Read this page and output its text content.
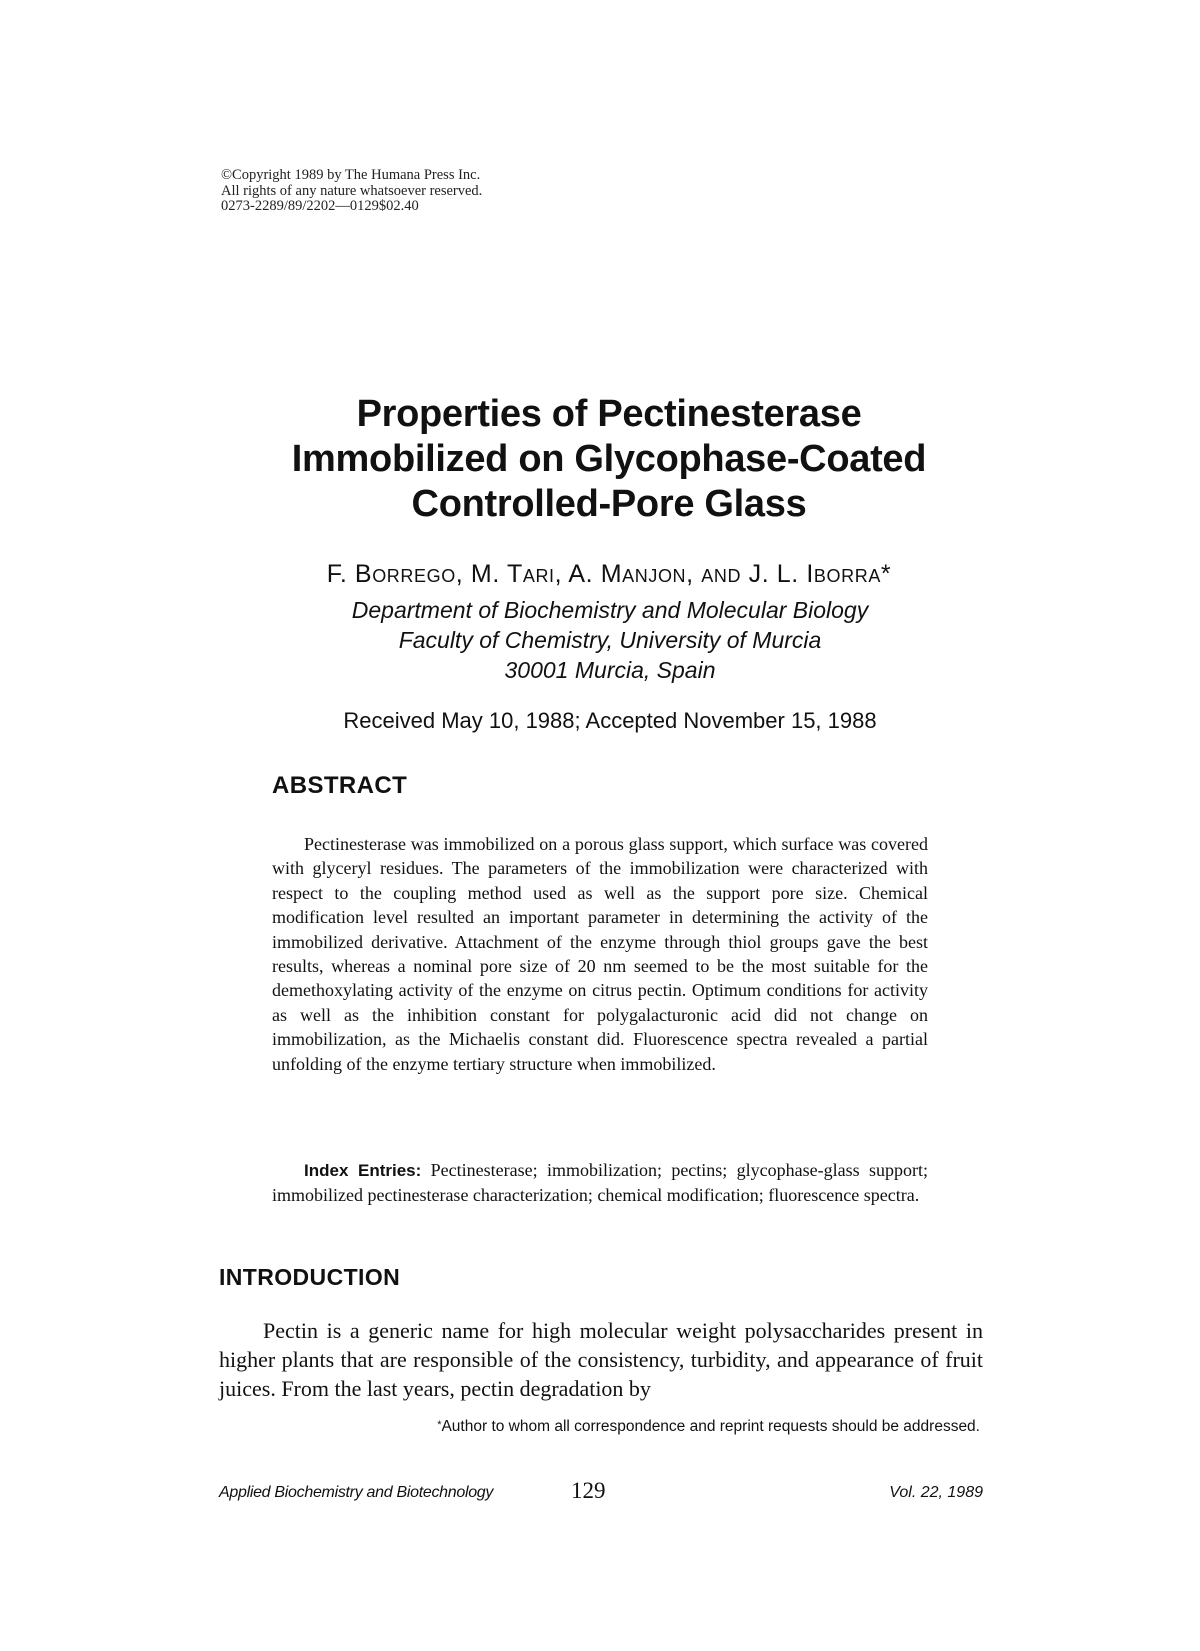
©Copyright 1989 by The Humana Press Inc.
All rights of any nature whatsoever reserved.
0273-2289/89/2202—0129$02.40
Properties of Pectinesterase
Immobilized on Glycophase-Coated
Controlled-Pore Glass
F. Borrego, M. Tari, A. Manjon, and J. L. Iborra*
Department of Biochemistry and Molecular Biology
Faculty of Chemistry, University of Murcia
30001 Murcia, Spain
Received May 10, 1988; Accepted November 15, 1988
ABSTRACT

Pectinesterase was immobilized on a porous glass support, which surface was covered with glyceryl residues. The parameters of the immobilization were characterized with respect to the coupling method used as well as the support pore size. Chemical modification level resulted an important parameter in determining the activity of the immobilized derivative. Attachment of the enzyme through thiol groups gave the best results, whereas a nominal pore size of 20 nm seemed to be the most suitable for the demethoxylating activity of the enzyme on citrus pectin. Optimum conditions for activity as well as the inhibition constant for polygalacturonic acid did not change on immobilization, as the Michaelis constant did. Fluorescence spectra revealed a partial unfolding of the enzyme tertiary structure when immobilized.

Index Entries: Pectinesterase; immobilization; pectins; glycophase-glass support; immobilized pectinesterase characterization; chemical modification; fluorescence spectra.

INTRODUCTION

Pectin is a generic name for high molecular weight polysaccharides present in higher plants that are responsible of the consistency, turbidity, and appearance of fruit juices. From the last years, pectin degradation by

*Author to whom all correspondence and reprint requests should be addressed.
Applied Biochemistry and Biotechnology	129	Vol. 22, 1989
